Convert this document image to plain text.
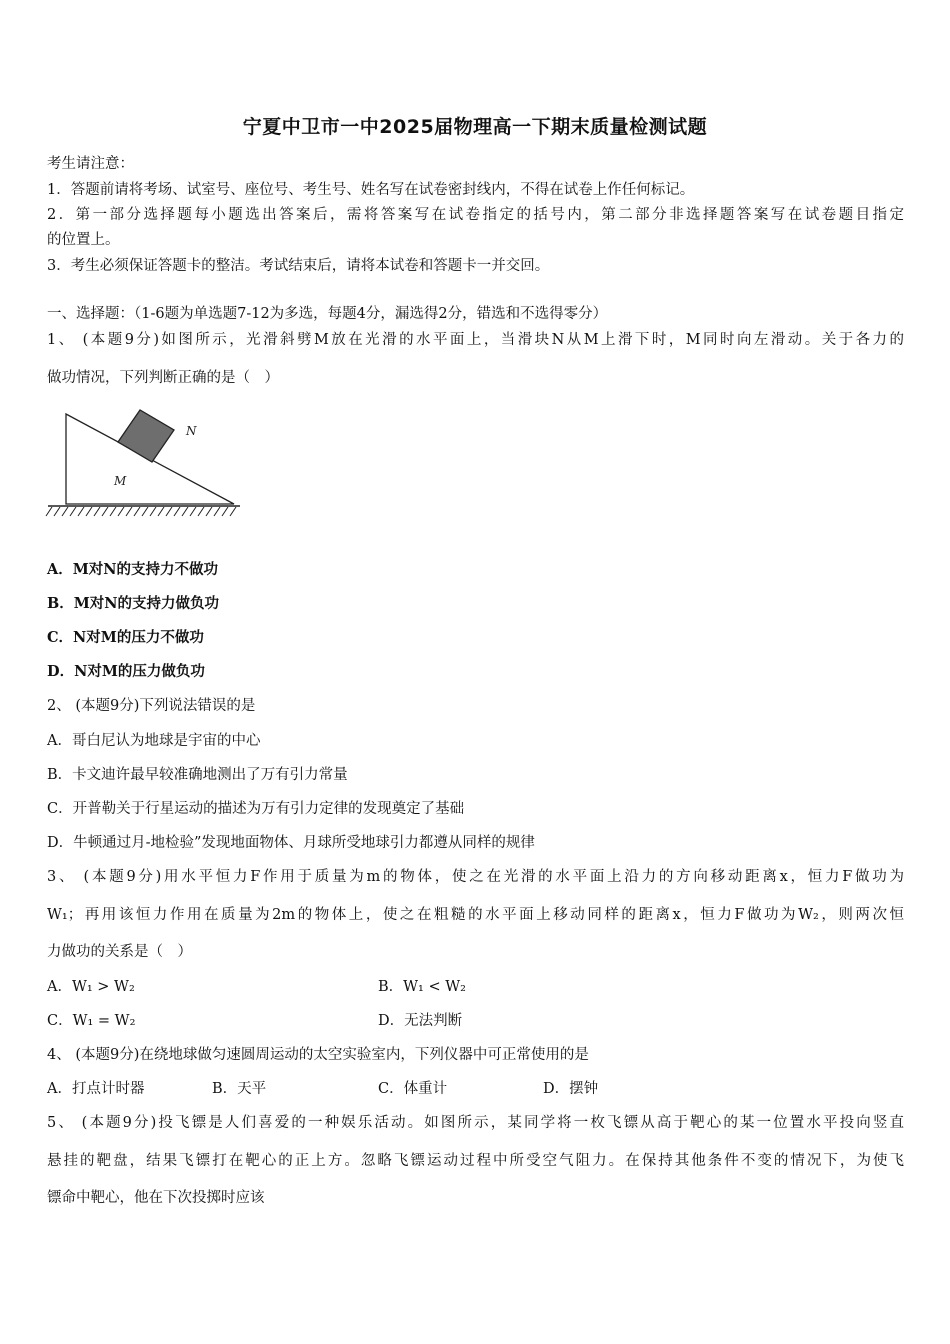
宁夏中卫市一中2025届物理高一下期末质量检测试题
考生请注意：
1．答题前请将考场、试室号、座位号、考生号、姓名写在试卷密封线内，不得在试卷上作任何标记。
2．第一部分选择题每小题选出答案后，需将答案写在试卷指定的括号内，第二部分非选择题答案写在试卷题目指定
的位置上。
3．考生必须保证答题卡的整洁。考试结束后，请将本试卷和答题卡一并交回。
一、选择题：（1-6题为单选题7-12为多选，每题4分，漏选得2分，错选和不选得零分）
1、 (本题9分)如图所示，光滑斜劈M放在光滑的水平面上，当滑块N从M上滑下时，M同时向左滑动。关于各力的
做功情况，下列判断正确的是（　）
N
M
A．M对N的支持力不做功
B．M对N的支持力做负功
C．N对M的压力不做功
D．N对M的压力做负功
2、 (本题9分)下列说法错误的是
A．哥白尼认为地球是宇宙的中心
B．卡文迪许最早较准确地测出了万有引力常量
C．开普勒关于行星运动的描述为万有引力定律的发现奠定了基础
D．牛顿通过月-地检验”发现地面物体、月球所受地球引力都遵从同样的规律
3、 (本题9分)用水平恒力F作用于质量为m的物体，使之在光滑的水平面上沿力的方向移动距离x，恒力F做功为
W₁；再用该恒力作用在质量为2m的物体上，使之在粗糙的水平面上移动同样的距离x，恒力F做功为W₂，则两次恒
力做功的关系是（　）
A．W₁ > W₂	B．W₁ < W₂
C．W₁ = W₂	D．无法判断
4、 (本题9分)在绕地球做匀速圆周运动的太空实验室内，下列仪器中可正常使用的是
A．打点计时器	B．天平	C．体重计	D．摆钟
5、 (本题9分)投飞镖是人们喜爱的一种娱乐活动。如图所示，某同学将一枚飞镖从高于靶心的某一位置水平投向竖直
悬挂的靶盘，结果飞镖打在靶心的正上方。忽略飞镖运动过程中所受空气阻力。在保持其他条件不变的情况下，为使飞
镖命中靶心，他在下次投掷时应该
